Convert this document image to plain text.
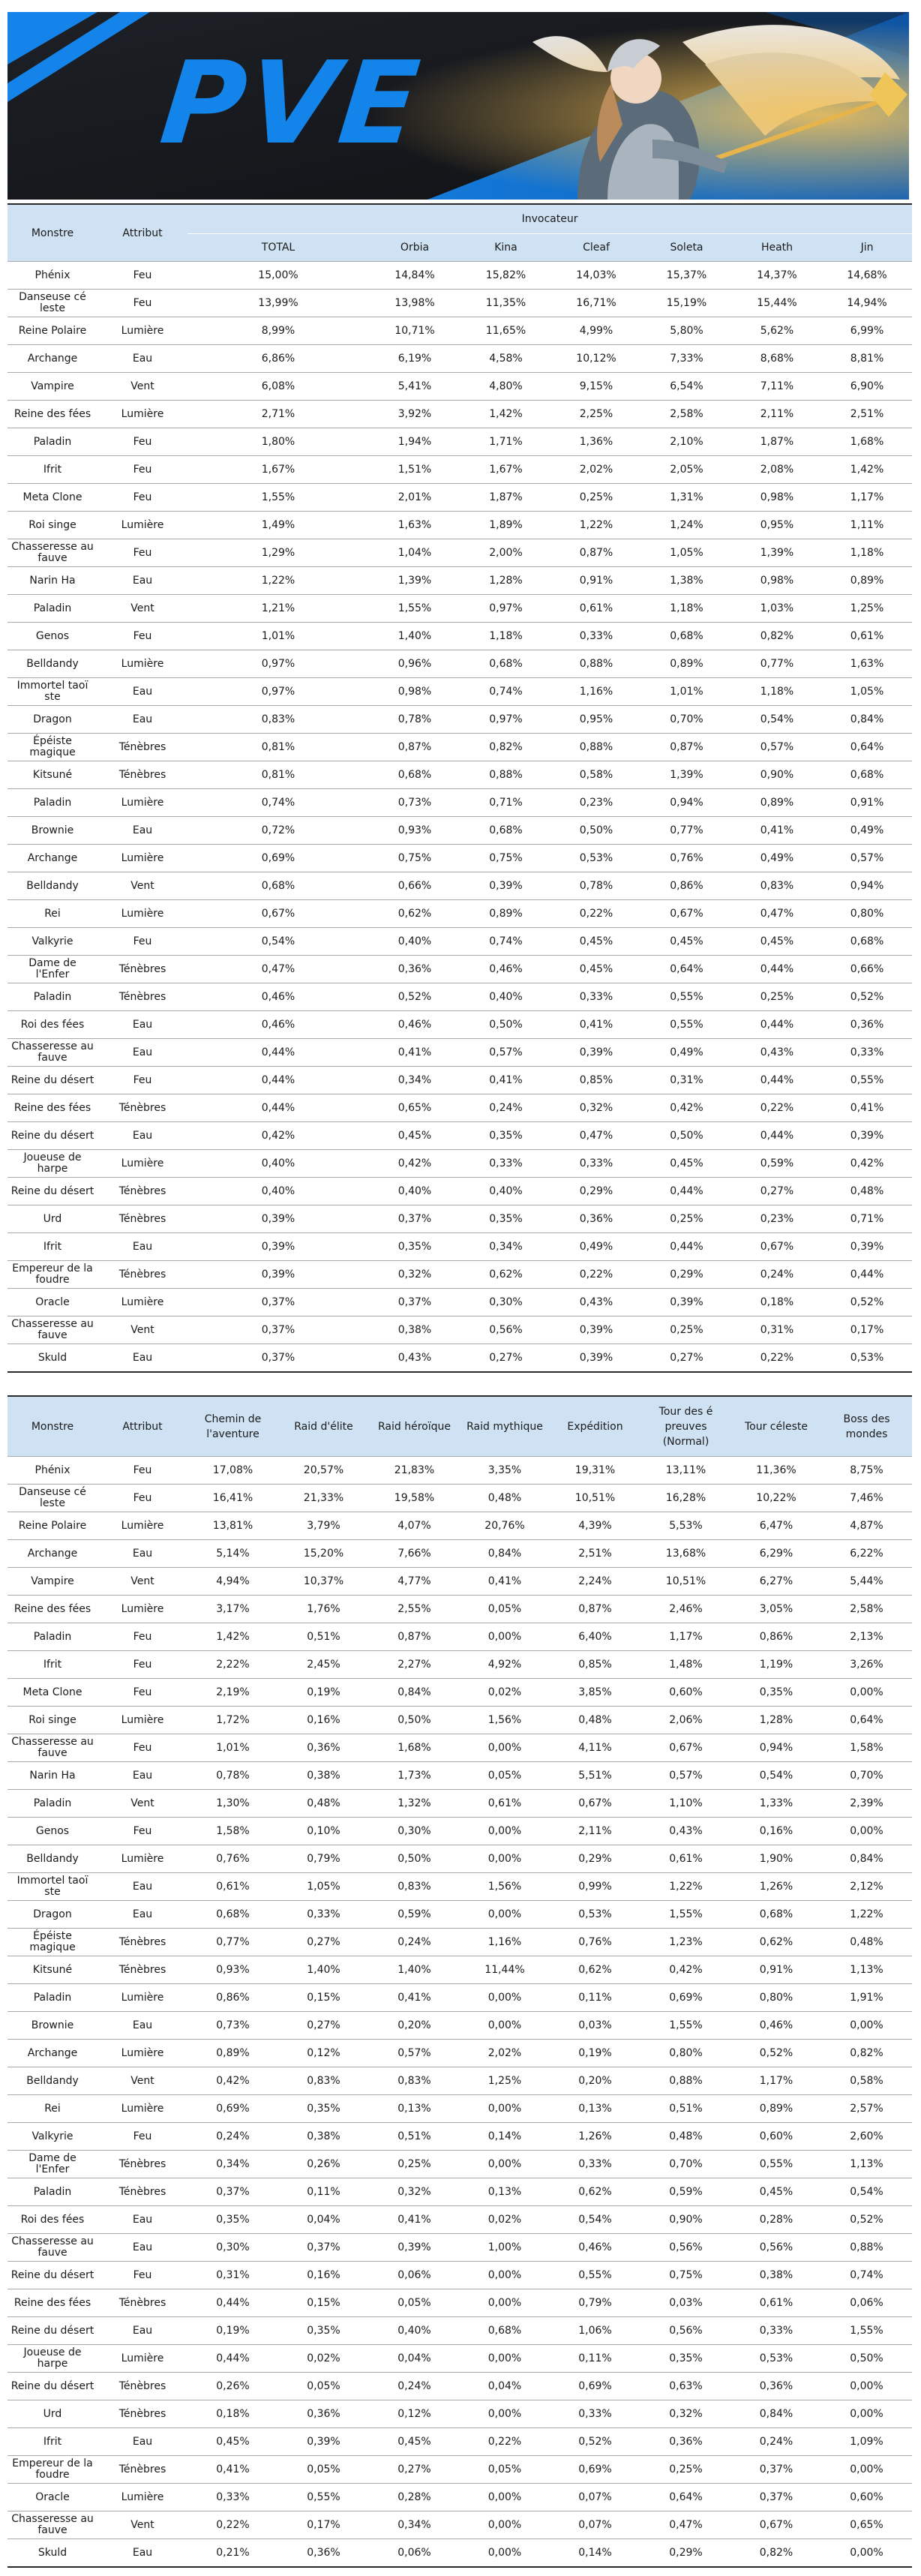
PVE
Monstre	Attribut	Invocateur						
		TOTAL	Orbia	Kina	Cleaf	Soleta	Heath	Jin
Phénix	Feu	15,00%	14,84%	15,82%	14,03%	15,37%	14,37%	14,68%
Danseuse cé leste	Feu	13,99%	13,98%	11,35%	16,71%	15,19%	15,44%	14,94%
Reine Polaire	Lumière	8,99%	10,71%	11,65%	4,99%	5,80%	5,62%	6,99%
Archange	Eau	6,86%	6,19%	4,58%	10,12%	7,33%	8,68%	8,81%
Vampire	Vent	6,08%	5,41%	4,80%	9,15%	6,54%	7,11%	6,90%
Reine des fées	Lumière	2,71%	3,92%	1,42%	2,25%	2,58%	2,11%	2,51%
Paladin	Feu	1,80%	1,94%	1,71%	1,36%	2,10%	1,87%	1,68%
Ifrit	Feu	1,67%	1,51%	1,67%	2,02%	2,05%	2,08%	1,42%
Meta Clone	Feu	1,55%	2,01%	1,87%	0,25%	1,31%	0,98%	1,17%
Roi singe	Lumière	1,49%	1,63%	1,89%	1,22%	1,24%	0,95%	1,11%
Chasseresse au fauve	Feu	1,29%	1,04%	2,00%	0,87%	1,05%	1,39%	1,18%
Narin Ha	Eau	1,22%	1,39%	1,28%	0,91%	1,38%	0,98%	0,89%
Paladin	Vent	1,21%	1,55%	0,97%	0,61%	1,18%	1,03%	1,25%
Genos	Feu	1,01%	1,40%	1,18%	0,33%	0,68%	0,82%	0,61%
Belldandy	Lumière	0,97%	0,96%	0,68%	0,88%	0,89%	0,77%	1,63%
Immortel taoï ste	Eau	0,97%	0,98%	0,74%	1,16%	1,01%	1,18%	1,05%
Dragon	Eau	0,83%	0,78%	0,97%	0,95%	0,70%	0,54%	0,84%
Épéiste magique	Ténèbres	0,81%	0,87%	0,82%	0,88%	0,87%	0,57%	0,64%
Kitsuné	Ténèbres	0,81%	0,68%	0,88%	0,58%	1,39%	0,90%	0,68%
Paladin	Lumière	0,74%	0,73%	0,71%	0,23%	0,94%	0,89%	0,91%
Brownie	Eau	0,72%	0,93%	0,68%	0,50%	0,77%	0,41%	0,49%
Archange	Lumière	0,69%	0,75%	0,75%	0,53%	0,76%	0,49%	0,57%
Belldandy	Vent	0,68%	0,66%	0,39%	0,78%	0,86%	0,83%	0,94%
Rei	Lumière	0,67%	0,62%	0,89%	0,22%	0,67%	0,47%	0,80%
Valkyrie	Feu	0,54%	0,40%	0,74%	0,45%	0,45%	0,45%	0,68%
Dame de l'Enfer	Ténèbres	0,47%	0,36%	0,46%	0,45%	0,64%	0,44%	0,66%
Paladin	Ténèbres	0,46%	0,52%	0,40%	0,33%	0,55%	0,25%	0,52%
Roi des fées	Eau	0,46%	0,46%	0,50%	0,41%	0,55%	0,44%	0,36%
Chasseresse au fauve	Eau	0,44%	0,41%	0,57%	0,39%	0,49%	0,43%	0,33%
Reine du désert	Feu	0,44%	0,34%	0,41%	0,85%	0,31%	0,44%	0,55%
Reine des fées	Ténèbres	0,44%	0,65%	0,24%	0,32%	0,42%	0,22%	0,41%
Reine du désert	Eau	0,42%	0,45%	0,35%	0,47%	0,50%	0,44%	0,39%
Joueuse de harpe	Lumière	0,40%	0,42%	0,33%	0,33%	0,45%	0,59%	0,42%
Reine du désert	Ténèbres	0,40%	0,40%	0,40%	0,29%	0,44%	0,27%	0,48%
Urd	Ténèbres	0,39%	0,37%	0,35%	0,36%	0,25%	0,23%	0,71%
Ifrit	Eau	0,39%	0,35%	0,34%	0,49%	0,44%	0,67%	0,39%
Empereur de la foudre	Ténèbres	0,39%	0,32%	0,62%	0,22%	0,29%	0,24%	0,44%
Oracle	Lumière	0,37%	0,37%	0,30%	0,43%	0,39%	0,18%	0,52%
Chasseresse au fauve	Vent	0,37%	0,38%	0,56%	0,39%	0,25%	0,31%	0,17%
Skuld	Eau	0,37%	0,43%	0,27%	0,39%	0,27%	0,22%	0,53%
Monstre	Attribut	Chemin de l'aventure	Raid d'élite	Raid héroïque	Raid mythique	Expédition	Tour des é preuves (Normal)	Tour céleste	Boss des mondes
Phénix	Feu	17,08%	20,57%	21,83%	3,35%	19,31%	13,11%	11,36%	8,75%
Danseuse cé leste	Feu	16,41%	21,33%	19,58%	0,48%	10,51%	16,28%	10,22%	7,46%
Reine Polaire	Lumière	13,81%	3,79%	4,07%	20,76%	4,39%	5,53%	6,47%	4,87%
Archange	Eau	5,14%	15,20%	7,66%	0,84%	2,51%	13,68%	6,29%	6,22%
Vampire	Vent	4,94%	10,37%	4,77%	0,41%	2,24%	10,51%	6,27%	5,44%
Reine des fées	Lumière	3,17%	1,76%	2,55%	0,05%	0,87%	2,46%	3,05%	2,58%
Paladin	Feu	1,42%	0,51%	0,87%	0,00%	6,40%	1,17%	0,86%	2,13%
Ifrit	Feu	2,22%	2,45%	2,27%	4,92%	0,85%	1,48%	1,19%	3,26%
Meta Clone	Feu	2,19%	0,19%	0,84%	0,02%	3,85%	0,60%	0,35%	0,00%
Roi singe	Lumière	1,72%	0,16%	0,50%	1,56%	0,48%	2,06%	1,28%	0,64%
Chasseresse au fauve	Feu	1,01%	0,36%	1,68%	0,00%	4,11%	0,67%	0,94%	1,58%
Narin Ha	Eau	0,78%	0,38%	1,73%	0,05%	5,51%	0,57%	0,54%	0,70%
Paladin	Vent	1,30%	0,48%	1,32%	0,61%	0,67%	1,10%	1,33%	2,39%
Genos	Feu	1,58%	0,10%	0,30%	0,00%	2,11%	0,43%	0,16%	0,00%
Belldandy	Lumière	0,76%	0,79%	0,50%	0,00%	0,29%	0,61%	1,90%	0,84%
Immortel taoï ste	Eau	0,61%	1,05%	0,83%	1,56%	0,99%	1,22%	1,26%	2,12%
Dragon	Eau	0,68%	0,33%	0,59%	0,00%	0,53%	1,55%	0,68%	1,22%
Épéiste magique	Ténèbres	0,77%	0,27%	0,24%	1,16%	0,76%	1,23%	0,62%	0,48%
Kitsuné	Ténèbres	0,93%	1,40%	1,40%	11,44%	0,62%	0,42%	0,91%	1,13%
Paladin	Lumière	0,86%	0,15%	0,41%	0,00%	0,11%	0,69%	0,80%	1,91%
Brownie	Eau	0,73%	0,27%	0,20%	0,00%	0,03%	1,55%	0,46%	0,00%
Archange	Lumière	0,89%	0,12%	0,57%	2,02%	0,19%	0,80%	0,52%	0,82%
Belldandy	Vent	0,42%	0,83%	0,83%	1,25%	0,20%	0,88%	1,17%	0,58%
Rei	Lumière	0,69%	0,35%	0,13%	0,00%	0,13%	0,51%	0,89%	2,57%
Valkyrie	Feu	0,24%	0,38%	0,51%	0,14%	1,26%	0,48%	0,60%	2,60%
Dame de l'Enfer	Ténèbres	0,34%	0,26%	0,25%	0,00%	0,33%	0,70%	0,55%	1,13%
Paladin	Ténèbres	0,37%	0,11%	0,32%	0,13%	0,62%	0,59%	0,45%	0,54%
Roi des fées	Eau	0,35%	0,04%	0,41%	0,02%	0,54%	0,90%	0,28%	0,52%
Chasseresse au fauve	Eau	0,30%	0,37%	0,39%	1,00%	0,46%	0,56%	0,56%	0,88%
Reine du désert	Feu	0,31%	0,16%	0,06%	0,00%	0,55%	0,75%	0,38%	0,74%
Reine des fées	Ténèbres	0,44%	0,15%	0,05%	0,00%	0,79%	0,03%	0,61%	0,06%
Reine du désert	Eau	0,19%	0,35%	0,40%	0,68%	1,06%	0,56%	0,33%	1,55%
Joueuse de harpe	Lumière	0,44%	0,02%	0,04%	0,00%	0,11%	0,35%	0,53%	0,50%
Reine du désert	Ténèbres	0,26%	0,05%	0,24%	0,04%	0,69%	0,63%	0,36%	0,00%
Urd	Ténèbres	0,18%	0,36%	0,12%	0,00%	0,33%	0,32%	0,84%	0,00%
Ifrit	Eau	0,45%	0,39%	0,45%	0,22%	0,52%	0,36%	0,24%	1,09%
Empereur de la foudre	Ténèbres	0,41%	0,05%	0,27%	0,05%	0,69%	0,25%	0,37%	0,00%
Oracle	Lumière	0,33%	0,55%	0,28%	0,00%	0,07%	0,64%	0,37%	0,60%
Chasseresse au fauve	Vent	0,22%	0,17%	0,34%	0,00%	0,07%	0,47%	0,67%	0,65%
Skuld	Eau	0,21%	0,36%	0,06%	0,00%	0,14%	0,29%	0,82%	0,00%
